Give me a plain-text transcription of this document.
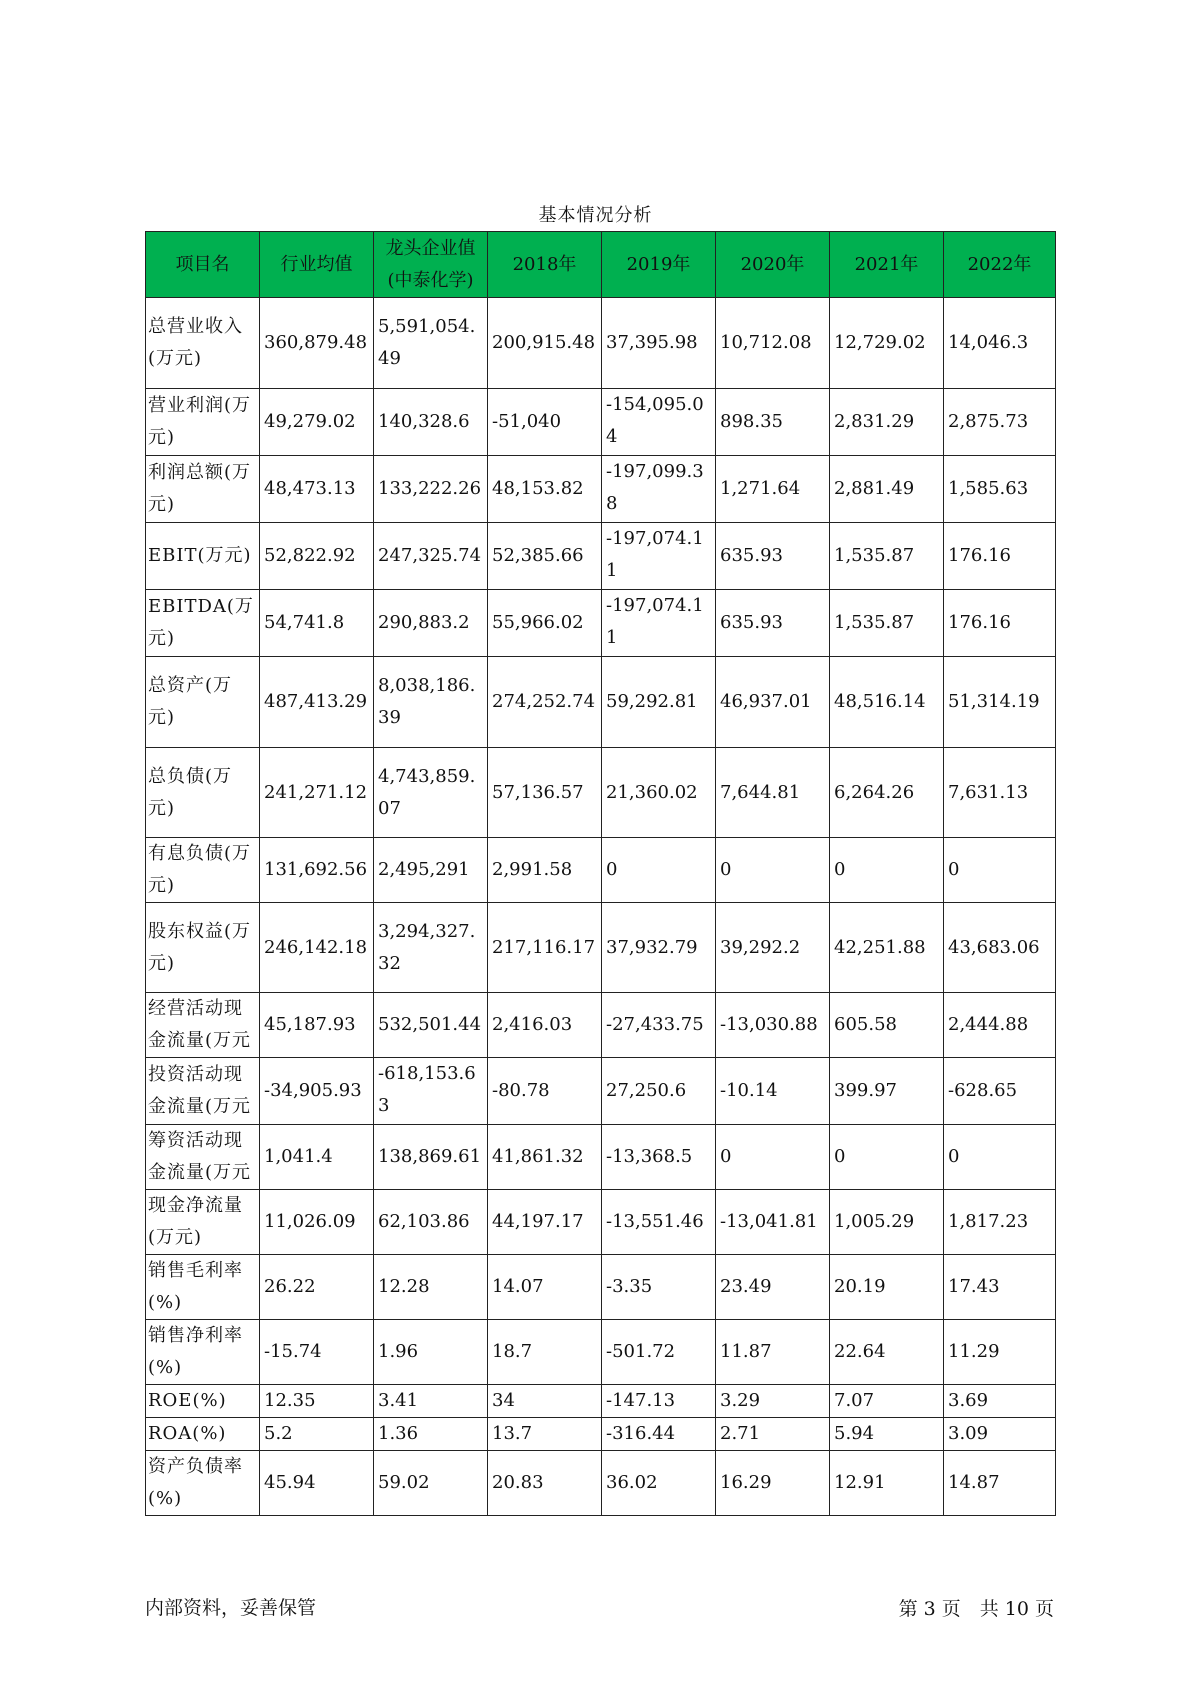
基本情况分析
项目名	行业均值	龙头企业值(中泰化学)	2018年	2019年	2020年	2021年	2022年
总营业收入(万元)	360,879.48	5,591,054.49	200,915.48	37,395.98	10,712.08	12,729.02	14,046.3
营业利润(万元)	49,279.02	140,328.6	-51,040	-154,095.04	898.35	2,831.29	2,875.73
利润总额(万元)	48,473.13	133,222.26	48,153.82	-197,099.38	1,271.64	2,881.49	1,585.63
EBIT(万元)	52,822.92	247,325.74	52,385.66	-197,074.11	635.93	1,535.87	176.16
EBITDA(万元)	54,741.8	290,883.2	55,966.02	-197,074.11	635.93	1,535.87	176.16
总资产(万元)	487,413.29	8,038,186.39	274,252.74	59,292.81	46,937.01	48,516.14	51,314.19
总负债(万元)	241,271.12	4,743,859.07	57,136.57	21,360.02	7,644.81	6,264.26	7,631.13
有息负债(万元)	131,692.56	2,495,291	2,991.58	0	0	0	0
股东权益(万元)	246,142.18	3,294,327.32	217,116.17	37,932.79	39,292.2	42,251.88	43,683.06
经营活动现金流量(万元	45,187.93	532,501.44	2,416.03	-27,433.75	-13,030.88	605.58	2,444.88
投资活动现金流量(万元	-34,905.93	-618,153.63	-80.78	27,250.6	-10.14	399.97	-628.65
筹资活动现金流量(万元	1,041.4	138,869.61	41,861.32	-13,368.5	0	0	0
现金净流量(万元)	11,026.09	62,103.86	44,197.17	-13,551.46	-13,041.81	1,005.29	1,817.23
销售毛利率(%)	26.22	12.28	14.07	-3.35	23.49	20.19	17.43
销售净利率(%)	-15.74	1.96	18.7	-501.72	11.87	22.64	11.29
ROE(%)	12.35	3.41	34	-147.13	3.29	7.07	3.69
ROA(%)	5.2	1.36	13.7	-316.44	2.71	5.94	3.09
资产负债率(%)	45.94	59.02	20.83	36.02	16.29	12.91	14.87
内部资料，妥善保管	第 3 页　共 10 页
